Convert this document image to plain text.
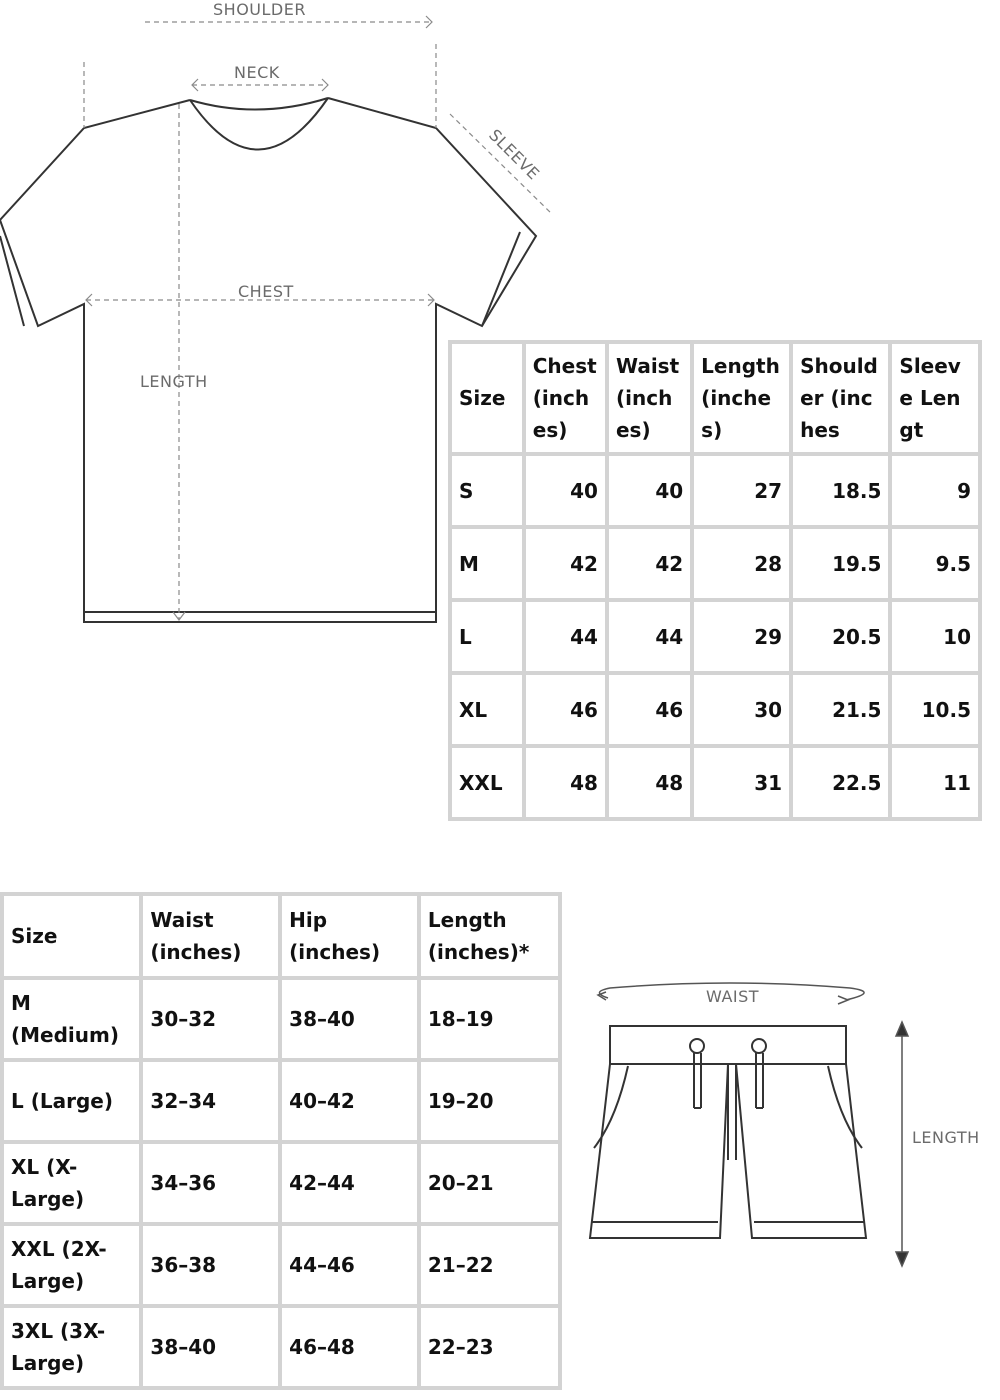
SHOULDER
NECK
SLEEVE
CHEST
LENGTH
Size	Chest (inches)	Waist (inches)	Length (inches)	Shoulder (inches	Sleeve Lengt
S	40	40	27	18.5	9
M	42	42	28	19.5	9.5
L	44	44	29	20.5	10
XL	46	46	30	21.5	10.5
XXL	48	48	31	22.5	11
Size	Waist (inches)	Hip (inches)	Length (inches)*
M (Medium)	30–32	38–40	18–19
L (Large)	32–34	40–42	19–20
XL (X-Large)	34–36	42–44	20–21
XXL (2X-Large)	36–38	44–46	21–22
3XL (3X-Large)	38–40	46–48	22–23
WAIST
LENGTH
